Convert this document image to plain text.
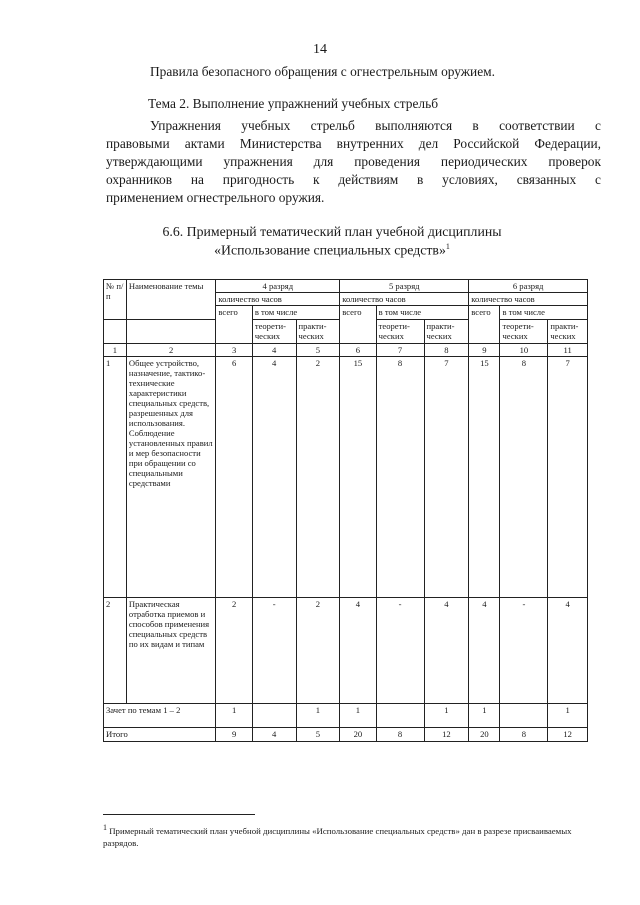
14
Правила безопасного обращения с огнестрельным оружием.
Тема 2. Выполнение упражнений учебных стрельб
Упражнения учебных стрельб выполняются в соответствии с
правовыми актами Министерства внутренних дел Российской Федерации,
утверждающими упражнения для проведения периодических проверок
охранников на пригодность к действиям в условиях, связанных с
применением огнестрельного оружия.
6.6. Примерный тематический план учебной дисциплины
«Использование специальных средств»$^1$
№ п/п	Наименование темы	4 разряд			5 разряд			6 разряд		
		количество часов			количество часов			количество часов		
		всего	в том числе		всего	в том числе		всего	в том числе	
			теорети-ческих	практи-ческих		теорети-ческих	практи-ческих		теорети-ческих	практи-ческих
1	2	3	4	5	6	7	8	9	10	11
1	Общее устройство, назначение, тактико-технические характеристики специальных средств, разрешенных для использования. Соблюдение установленных правил и мер безопасности при обращении со специальными средствами	6	4	2	15	8	7	15	8	7
2	Практическая отработка приемов и способов применения специальных средств по их видам и типам	2	-	2	4	-	4	4	-	4
Зачет по темам 1 – 2		1		1	1		1	1		1
Итого		9	4	5	20	8	12	20	8	12
$^1$ Примерный тематический план учебной дисциплины «Использование специальных средств» дан в разрезе присваиваемых разрядов.
